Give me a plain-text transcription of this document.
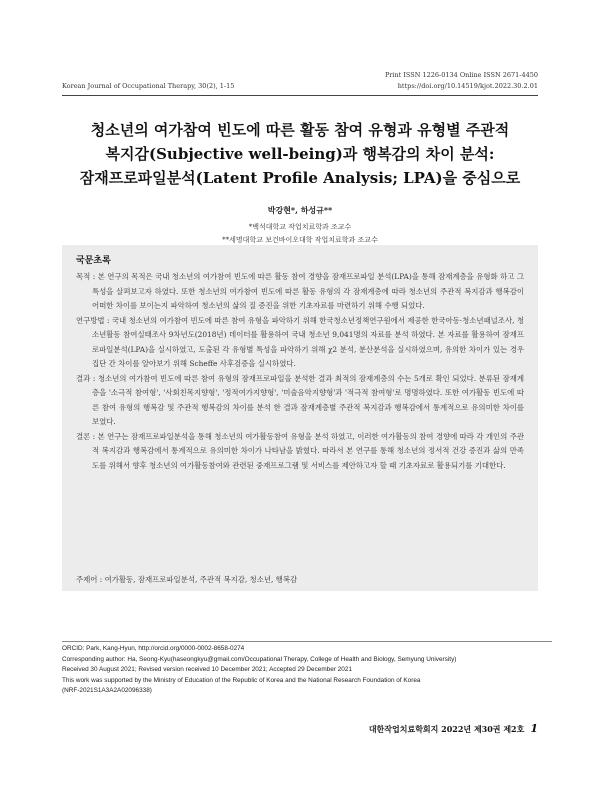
Korean Journal of Occupational Therapy, 30(2), 1-15
Print ISSN 1226-0134 Online ISSN 2671-4450
https://doi.org/10.14519/kjot.2022.30.2.01
청소년의 여가참여 빈도에 따른 활동 참여 유형과 유형별 주관적
복지감(Subjective well-being)과 행복감의 차이 분석:
잠재프로파일분석(Latent Profile Analysis; LPA)을 중심으로
박강현*, 하성규**
*백석대학교 작업치료학과 조교수
**세명대학교 보건바이오대학 작업치료학과 조교수
국문초록

목적 : 본 연구의 목적은 국내 청소년의 여가참여 빈도에 따른 활동 참여 경향을 잠재프로파일 분석(LPA)을 통해 잠재계층을 유형화 하고 그 특성을 살펴보고자 하였다. 또한 청소년의 여가참여 빈도에 따른 활동 유형의 각 잠재계층에 따라 청소년의 주관적 복지감과 행복감이 어떠한 차이를 보이는지 파악하여 청소년의 삶의 질 증진을 위한 기초자료를 마련하기 위해 수행 되었다.

연구방법 : 국내 청소년의 여가참여 빈도에 따른 참여 유형을 파악하기 위해 한국청소년정책연구원에서 제공한 한국아동·청소년패널조사, 청소년활동 참여실태조사 9차년도(2018년) 데이터를 활용하여 국내 청소년 9,041명의 자료를 분석 하였다. 본 자료를 활용하여 잠재프로파일분석(LPA)을 실시하였고, 도출된 각 유형별 특성을 파악하기 위해 χ2 분석, 분산분석을 실시하였으며, 유의한 차이가 있는 경우 집단 간 차이를 알아보기 위해 Scheffe 사후검증을 실시하였다.

결과 : 청소년의 여가참여 빈도에 따른 참여 유형의 잠재프로파일을 분석한 결과 최적의 잠재계층의 수는 5개로 확인 되었다. 분류된 잠재계층을 '소극적 참여형', '사회친목지향형', '정적여가지향형', '미술음악지향형'과 '적극적 참여형'로 명명하였다. 또한 여가활동 빈도에 따른 참여 유형의 행복감 및 주관적 행복감의 차이를 분석 한 결과 잠재계층별 주관적 복지감과 행복감에서 통계적으로 유의미한 차이를 보였다.

결론 : 본 연구는 잠재프로파일분석을 통해 청소년의 여가활동참여 유형을 분석 하였고, 이러한 여가활동의 참여 경향에 따라 각 개인의 주관적 복지감과 행복감에서 통계적으로 유의미한 차이가 나타남을 밝혔다. 따라서 본 연구를 통해 청소년의 정서적 건강 증진과 삶의 만족도를 위해서 향후 청소년의 여가활동참여와 관련된 중재프로그램 및 서비스를 제안하고자 할 때 기초자료로 활용되기를 기대한다.

주제어 : 여가활동, 잠재프로파일분석, 주관적 복지감, 청소년, 행복감
ORCID: Park, Kang-Hyun, http://orcid.org/0000-0002-8658-0274
Corresponding author: Ha, Seong-Kyu(haseongkyu@gmail.com/Occupational Therapy, College of Health and Biology, Semyung University)
Received 30 August 2021; Revised version received 10 December 2021; Accepted 29 December 2021
This work was supported by the Ministry of Education of the Republic of Korea and the National Research Foundation of Korea
(NRF-2021S1A3A2A02096338)
대한작업치료학회지 2022년 제30권 제2호 1
